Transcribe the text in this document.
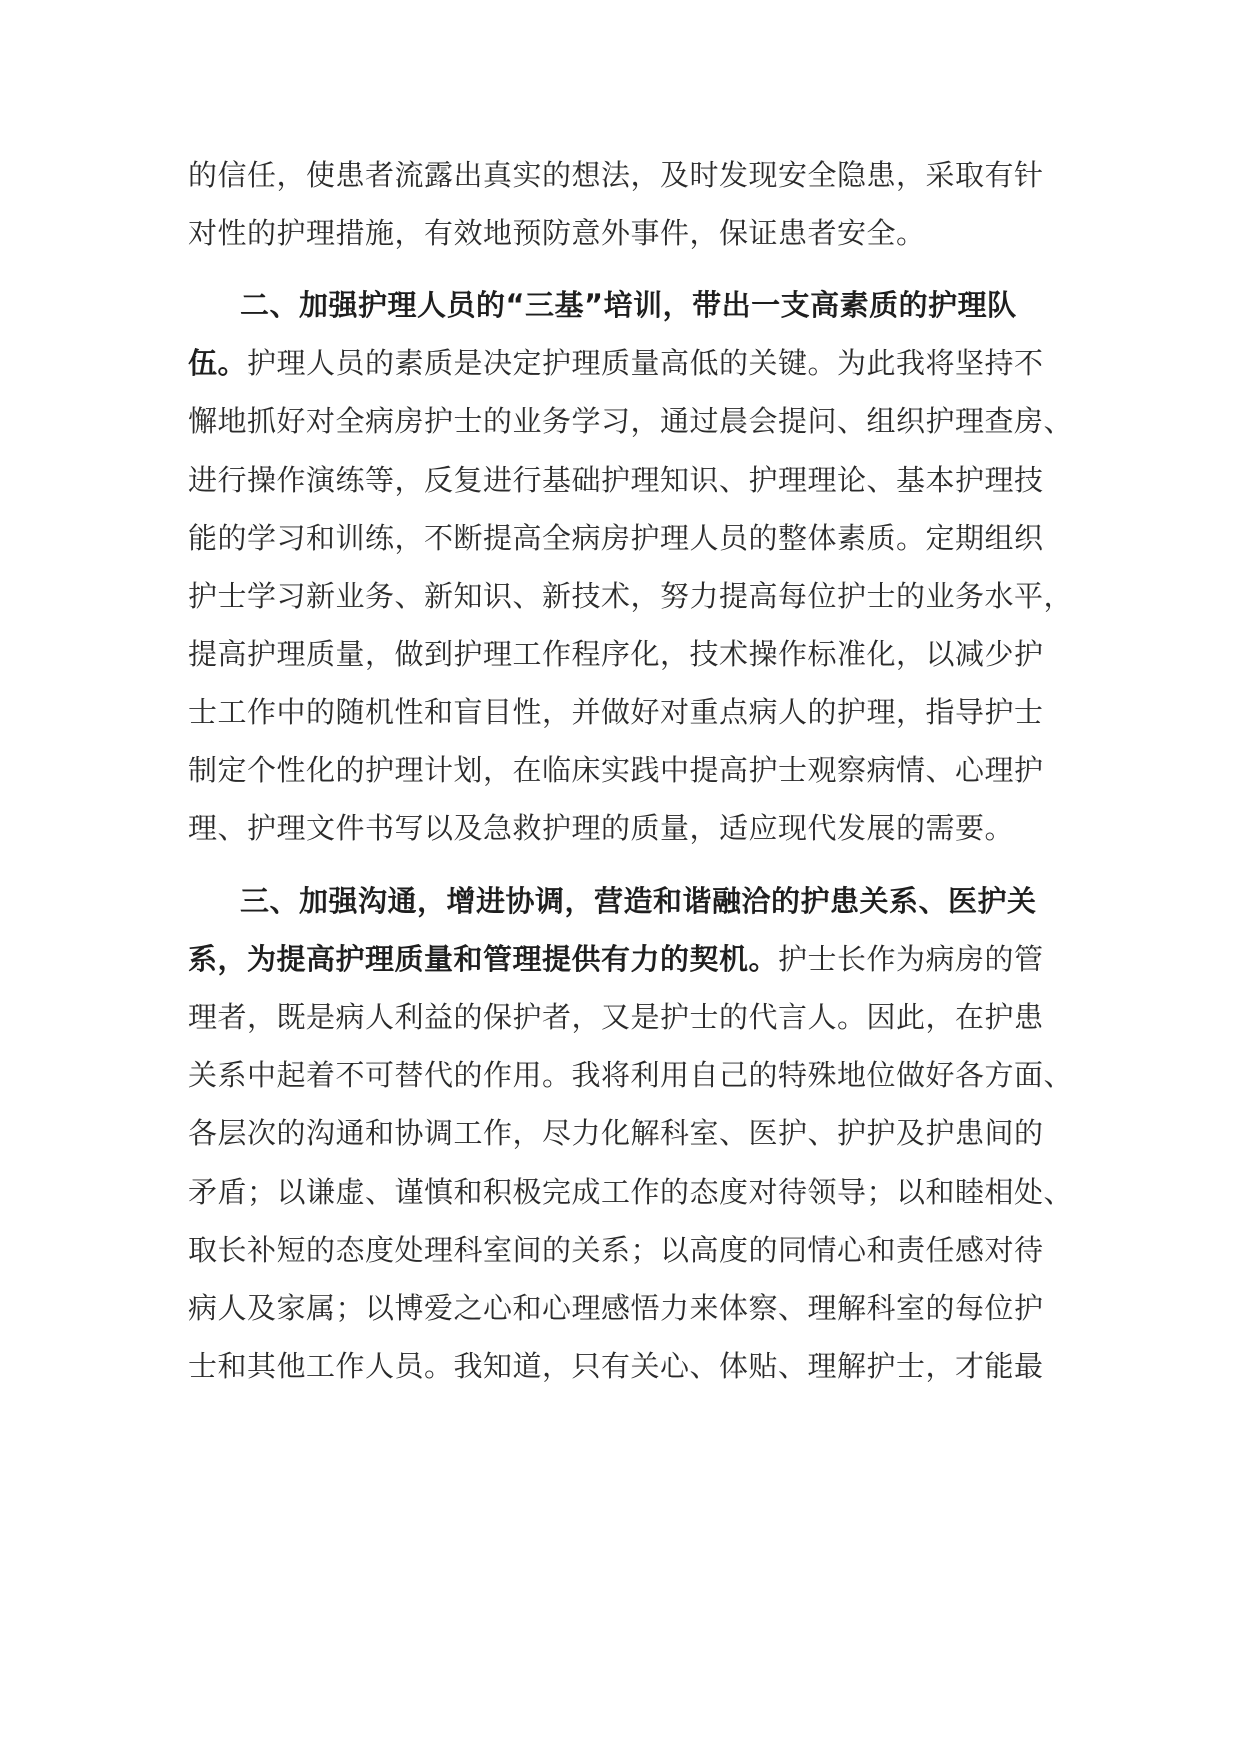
的信任，使患者流露出真实的想法，及时发现安全隐患，采取有针
对性的护理措施，有效地预防意外事件，保证患者安全。
二、加强护理人员的“三基”培训，带出一支高素质的护理队
伍。护理人员的素质是决定护理质量高低的关键。为此我将坚持不
懈地抓好对全病房护士的业务学习，通过晨会提问、组织护理查房、
进行操作演练等，反复进行基础护理知识、护理理论、基本护理技
能的学习和训练，不断提高全病房护理人员的整体素质。定期组织
护士学习新业务、新知识、新技术，努力提高每位护士的业务水平，
提高护理质量，做到护理工作程序化，技术操作标准化，以减少护
士工作中的随机性和盲目性，并做好对重点病人的护理，指导护士
制定个性化的护理计划，在临床实践中提高护士观察病情、心理护
理、护理文件书写以及急救护理的质量，适应现代发展的需要。
三、加强沟通，增进协调，营造和谐融洽的护患关系、医护关
系，为提高护理质量和管理提供有力的契机。护士长作为病房的管
理者，既是病人利益的保护者，又是护士的代言人。因此，在护患
关系中起着不可替代的作用。我将利用自己的特殊地位做好各方面、
各层次的沟通和协调工作，尽力化解科室、医护、护护及护患间的
矛盾；以谦虚、谨慎和积极完成工作的态度对待领导；以和睦相处、
取长补短的态度处理科室间的关系；以高度的同情心和责任感对待
病人及家属；以博爱之心和心理感悟力来体察、理解科室的每位护
士和其他工作人员。我知道，只有关心、体贴、理解护士，才能最
